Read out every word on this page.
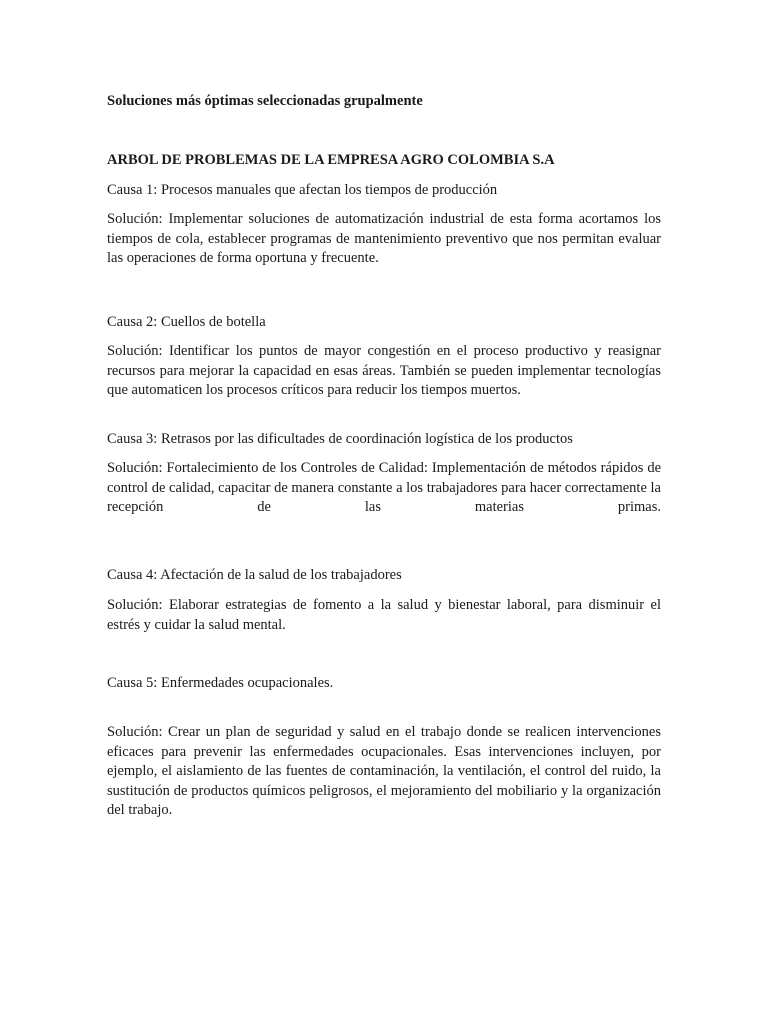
Soluciones más óptimas seleccionadas grupalmente

ARBOL DE PROBLEMAS DE LA EMPRESA AGRO COLOMBIA S.A

Causa 1: Procesos manuales que afectan los tiempos de producción

Solución: Implementar soluciones de automatización industrial de esta forma acortamos los tiempos de cola, establecer programas de mantenimiento preventivo que nos permitan evaluar las operaciones de forma oportuna y frecuente.

Causa 2: Cuellos de botella

Solución: Identificar los puntos de mayor congestión en el proceso productivo y reasignar recursos para mejorar la capacidad en esas áreas. También se pueden implementar tecnologías que automaticen los procesos críticos para reducir los tiempos muertos.

Causa 3: Retrasos por las dificultades de coordinación logística de los productos

Solución: Fortalecimiento de los Controles de Calidad: Implementación de métodos rápidos de control de calidad, capacitar de manera constante a los trabajadores para hacer correctamente la recepción de las materias primas.

Causa 4: Afectación de la salud de los trabajadores

Solución: Elaborar estrategias de fomento a la salud y bienestar laboral, para disminuir el estrés y cuidar la salud mental.

Causa 5: Enfermedades ocupacionales.

Solución: Crear un plan de seguridad y salud en el trabajo donde se realicen intervenciones eficaces para prevenir las enfermedades ocupacionales. Esas intervenciones incluyen, por ejemplo, el aislamiento de las fuentes de contaminación, la ventilación, el control del ruido, la sustitución de productos químicos peligrosos, el mejoramiento del mobiliario y la organización del trabajo.
